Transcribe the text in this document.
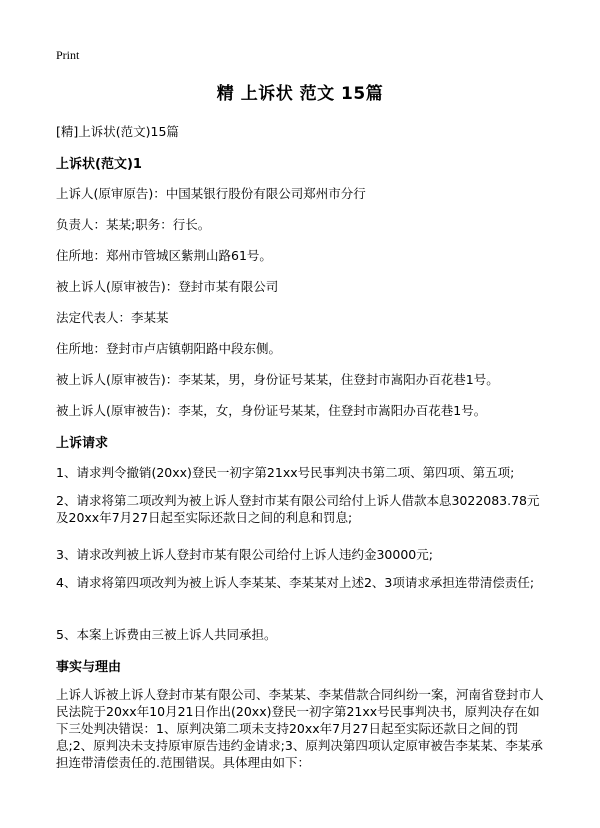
Print
精 上诉状 范文 15篇
[精]上诉状(范文)15篇
上诉状(范文)1
上诉人(原审原告)：中国某银行股份有限公司郑州市分行
负责人：某某;职务：行长。
住所地：郑州市管城区紫荆山路61号。
被上诉人(原审被告)：登封市某有限公司
法定代表人：李某某
住所地：登封市卢店镇朝阳路中段东侧。
被上诉人(原审被告)：李某某，男，身份证号某某，住登封市嵩阳办百花巷1号。
被上诉人(原审被告)：李某，女，身份证号某某，住登封市嵩阳办百花巷1号。
上诉请求
1、请求判令撤销(20xx)登民一初字第21xx号民事判决书第二项、第四项、第五项;
2、请求将第二项改判为被上诉人登封市某有限公司给付上诉人借款本息3022083.78元及20xx年7月27日起至实际还款日之间的利息和罚息;
3、请求改判被上诉人登封市某有限公司给付上诉人违约金30000元;
4、请求将第四项改判为被上诉人李某某、李某某对上述2、3项请求承担连带清偿责任;
5、本案上诉费由三被上诉人共同承担。
事实与理由
上诉人诉被上诉人登封市某有限公司、李某某、李某借款合同纠纷一案，河南省登封市人民法院于20xx年10月21日作出(20xx)登民一初字第21xx号民事判决书，原判决存在如下三处判决错误：1、原判决第二项未支持20xx年7月27日起至实际还款日之间的罚息;2、原判决未支持原审原告违约金请求;3、原判决第四项认定原审被告李某某、李某承担连带清偿责任的.范围错误。具体理由如下：
